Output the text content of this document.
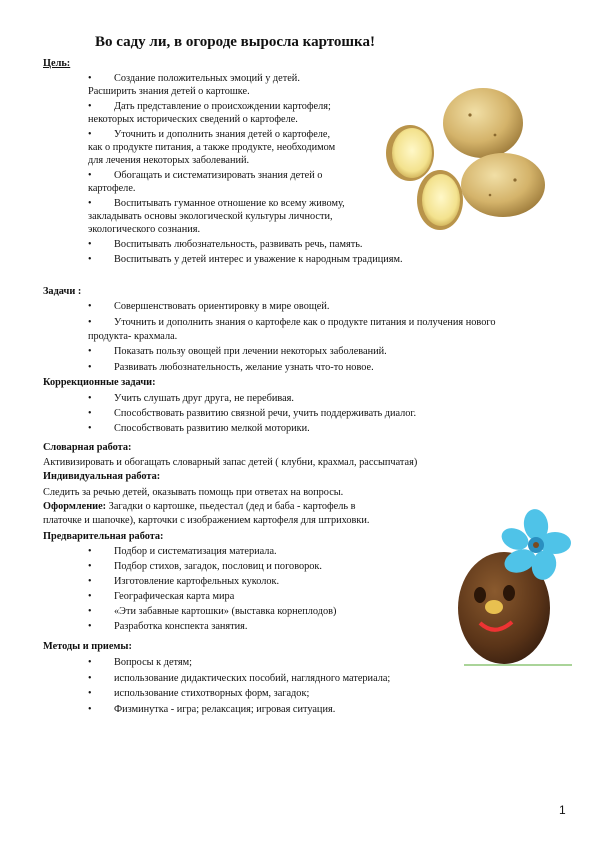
Во саду ли, в огороде выросла картошка!
Цель:
• Создание положительных эмоций у детей.
Расширить знания детей о картошке.
• Дать представление о происхождении картофеля;
некоторых исторических сведений о картофеле.
• Уточнить и дополнить знания детей о картофеле,
как о продукте питания, а также продукте, необходимом
для лечения некоторых заболеваний.
• Обогащать и систематизировать знания детей о
картофеле.
• Воспитывать гуманное отношение ко всему живому,
закладывать основы экологической культуры личности,
экологического сознания.
• Воспитывать любознательность, развивать речь, память.
• Воспитывать у детей интерес и уважение к народным традициям.
Задачи :
• Совершенствовать ориентировку в мире овощей.
• Уточнить и дополнить знания о картофеле как о продукте питания и получения нового
продукта- крахмала.
• Показать пользу овощей при лечении некоторых заболеваний.
• Развивать любознательность, желание узнать что-то новое.
Коррекционные задачи:
• Учить слушать друг друга, не перебивая.
• Способствовать развитию связной речи, учить поддерживать диалог.
• Способствовать развитию мелкой моторики.
Словарная работа:
Активизировать и обогащать словарный запас детей ( клубни, крахмал, рассыпчатая)
Индивидуальная работа:
Следить за речью детей, оказывать помощь при ответах на вопросы.
Оформление: Загадки о картошке, пьедестал (дед и баба - картофель в
платочке и шапочке), карточки с изображением картофеля для штриховки.
Предварительная работа:
• Подбор и систематизация материала.
• Подбор стихов, загадок, пословиц и поговорок.
• Изготовление картофельных куколок.
• Географическая карта мира
• «Эти забавные картошки» (выставка корнеплодов)
• Разработка конспекта занятия.
Методы и приемы:
• Вопросы к детям;
• использование дидактических пособий, наглядного материала;
• использование стихотворных форм, загадок;
• Физминутка - игра; релаксация; игровая ситуация.
1
